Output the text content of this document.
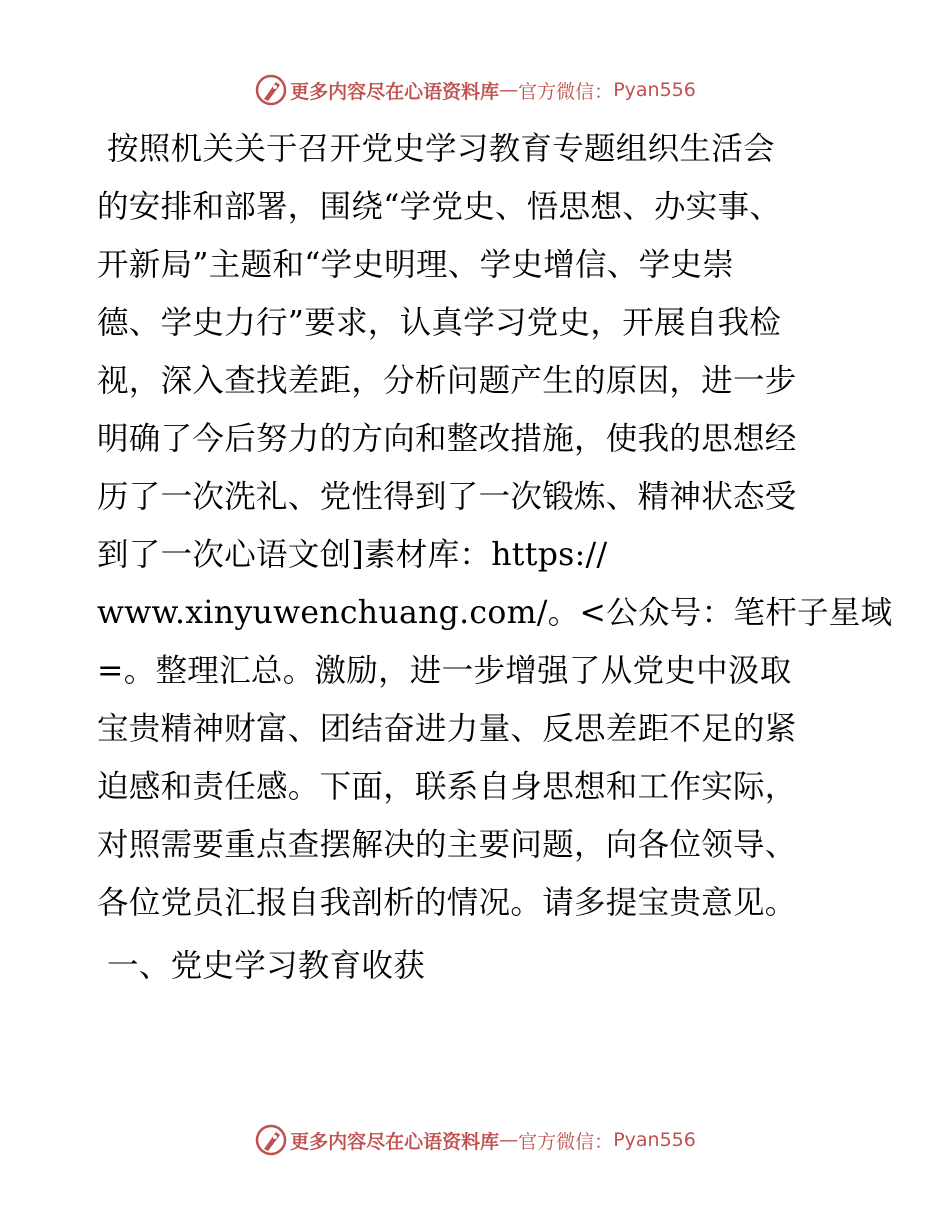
更多内容尽在心语资料库 — 官方微信： Pyan556
按照机关关于召开党史学习教育专题组织生活会
的安排和部署，围绕“学党史、悟思想、办实事、
开新局”主题和“学史明理、学史增信、学史崇
德、学史力行”要求，认真学习党史，开展自我检
视，深入查找差距，分析问题产生的原因，进一步
明确了今后努力的方向和整改措施，使我的思想经
历了一次洗礼、党性得到了一次锻炼、精神状态受
到了一次心语文创]素材库：https://
www.xinyuwenchuang.com/。<公众号：笔杆子星域
=。整理汇总。激励，进一步增强了从党史中汲取
宝贵精神财富、团结奋进力量、反思差距不足的紧
迫感和责任感。下面，联系自身思想和工作实际，
对照需要重点查摆解决的主要问题，向各位领导、
各位党员汇报自我剖析的情况。请多提宝贵意见。
一、党史学习教育收获
更多内容尽在心语资料库 — 官方微信： Pyan556
